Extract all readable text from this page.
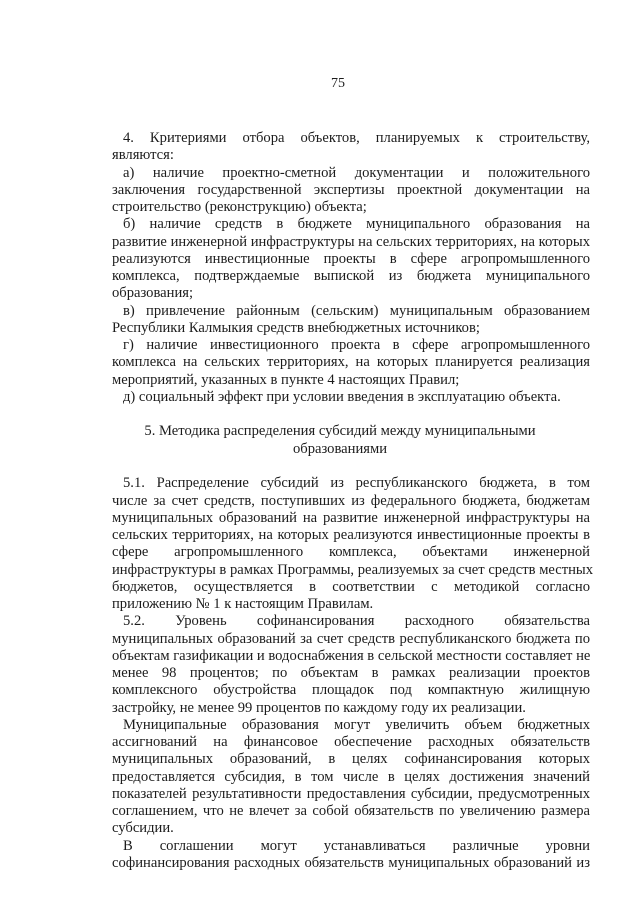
75
4. Критериями отбора объектов, планируемых к строительству,
являются:
а) наличие проектно-сметной документации и положительного
заключения государственной экспертизы проектной документации на
строительство (реконструкцию) объекта;
б) наличие средств в бюджете муниципального образования на
развитие инженерной инфраструктуры на сельских территориях, на которых
реализуются инвестиционные проекты в сфере агропромышленного
комплекса, подтверждаемые выпиской из бюджета муниципального
образования;
в) привлечение районным (сельским) муниципальным образованием
Республики Калмыкия средств внебюджетных источников;
г) наличие инвестиционного проекта в сфере агропромышленного
комплекса на сельских территориях, на которых планируется реализация
мероприятий, указанных в пункте 4 настоящих Правил;
д) социальный эффект при условии введения в эксплуатацию объекта.
5. Методика распределения субсидий между муниципальными
образованиями
5.1. Распределение субсидий из республиканского бюджета, в том
числе за счет средств, поступивших из федерального бюджета, бюджетам
муниципальных образований на развитие инженерной инфраструктуры на
сельских территориях, на которых реализуются инвестиционные проекты в
сфере агропромышленного комплекса, объектами инженерной
инфраструктуры в рамках Программы, реализуемых за счет средств местных
бюджетов, осуществляется в соответствии с методикой согласно
приложению № 1 к настоящим Правилам.
5.2. Уровень софинансирования расходного обязательства
муниципальных образований за счет средств республиканского бюджета по
объектам газификации и водоснабжения в сельской местности составляет не
менее 98 процентов; по объектам в рамках реализации проектов
комплексного обустройства площадок под компактную жилищную
застройку, не менее 99 процентов по каждому году их реализации.
Муниципальные образования могут увеличить объем бюджетных
ассигнований на финансовое обеспечение расходных обязательств
муниципальных образований, в целях софинансирования которых
предоставляется субсидия, в том числе в целях достижения значений
показателей результативности предоставления субсидии, предусмотренных
соглашением, что не влечет за собой обязательств по увеличению размера
субсидии.
В соглашении могут устанавливаться различные уровни
софинансирования расходных обязательств муниципальных образований из
